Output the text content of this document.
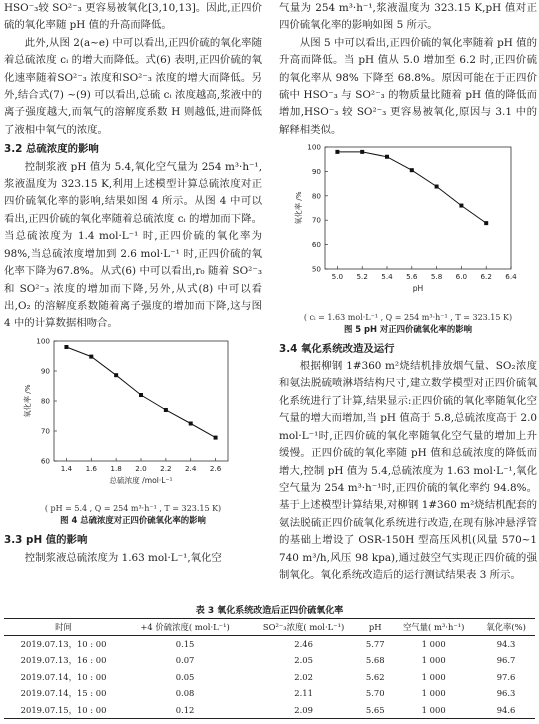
HSO⁻₃较 SO²⁻₃ 更容易被氧化[3,10,13]。因此,正四价硫的氧化率随 pH 值的升高而降低。

此外,从图 2(a~e) 中可以看出,正四价硫的氧化率随着总硫浓度 cᵢ 的增大而降低。式(6) 表明,正四价硫的氧化速率随着SO²⁻₃ 浓度和SO²⁻₃ 浓度的增大而降低。另外,结合式(7) ~(9) 可以看出,总硫 cᵢ 浓度越高,浆液中的离子强度越大,而氧气的溶解度系数 H 则越低,进而降低了液相中氧气的浓度。

3.2 总硫浓度的影响

控制浆液 pH 值为 5.4,氧化空气量为 254 m³·h⁻¹,浆液温度为 323.15 K,利用上述模型计算总硫浓度对正四价硫氧化率的影响,结果如图 4 所示。从图 4 中可以看出,正四价硫的氧化率随着总硫浓度 cᵢ 的增加而下降。当总硫浓度为 1.4 mol·L⁻¹ 时,正四价硫的氧化率为98%,当总硫浓度增加到 2.6 mol·L⁻¹ 时,正四价硫的氧化率下降为67.8%。从式(6) 中可以看出,r₀ 随着 SO²⁻₃ 和 SO²⁻₃ 浓度的增加而下降,另外,从式(8) 中可以看出,O₂ 的溶解度系数随着离子强度的增加而下降,这与图 4 中的计算数据相吻合。

1.4 1.6 1.8 2.0 2.2 2.4 2.6
60
70
80
90
100
氧化率 /%
总硫浓度 /mol·L⁻¹
( pH = 5.4 , Q = 254 m³·h⁻¹ , T = 323.15 K)
图 4 总硫浓度对正四价硫氧化率的影响
3.3 pH 值的影响

控制浆液总硫浓度为 1.63 mol·L⁻¹,氧化空

气量为 254 m³·h⁻¹,浆液温度为 323.15 K,pH 值对正四价硫氧化率的影响如图 5 所示。

从图 5 中可以看出,正四价硫的氧化率随着 pH 值的升高而降低。当 pH 值从 5.0 增加至 6.2 时,正四价硫的氧化率从 98% 下降至 68.8%。原因可能在于正四价硫中 HSO⁻₃ 与 SO²⁻₃ 的物质量比随着 pH 值的降低而增加,HSO⁻₃ 较 SO²⁻₃ 更容易被氧化,原因与 3.1 中的解释相类似。

5.0 5.2 5.4 5.6 5.8 6.0 6.2 6.4
50
60
70
80
90
100
氧化率 /%
pH
( cᵢ = 1.63 mol·L⁻¹ , Q = 254 m³·h⁻¹ , T = 323.15 K)
图 5 pH 对正四价硫氧化率的影响
3.4 氧化系统改造及运行

根据柳钢 1#360 m²烧结机排放烟气量、SO₂浓度和氨法脱硫喷淋塔结构尺寸,建立数学模型对正四价硫氧化系统进行了计算,结果显示:正四价硫的氧化率随氧化空气量的增大而增加,当 pH 值高于 5.8,总硫浓度高于 2.0 mol·L⁻¹时,正四价硫的氧化率随氧化空气量的增加上升缓慢。正四价硫的氧化率随 pH 值和总硫浓度的降低而增大,控制 pH 值为 5.4,总硫浓度为 1.63 mol·L⁻¹,氧化空气量为 254 m³·h⁻¹时,正四价硫的氧化率约 94.8%。基于上述模型计算结果,对柳钢 1#360 m²烧结机配套的氨法脱硫正四价硫氧化系统进行改造,在现有脉冲悬浮管的基础上增设了 OSR-150H 型高压风机(风量 570~1 740 m³/h,风压 98 kpa),通过鼓空气实现正四价硫的强制氧化。氧化系统改造后的运行测试结果表 3 所示。

表 3 氧化系统改造后正四价硫氧化率
时间	+4 价硫浓度( mol·L⁻¹)	SO²⁻₃浓度( mol·L⁻¹)	pH	空气量( m³·h⁻¹)	氧化率(%)
2019.07.13，10 : 00	0.15	2.46	5.77	1 000	94.3
2019.07.13，16 : 00	0.07	2.05	5.68	1 000	96.7
2019.07.14，10 : 00	0.05	2.02	5.62	1 000	97.6
2019.07.14，15 : 00	0.08	2.11	5.70	1 000	96.3
2019.07.15，10 : 00	0.12	2.09	5.65	1 000	94.6
